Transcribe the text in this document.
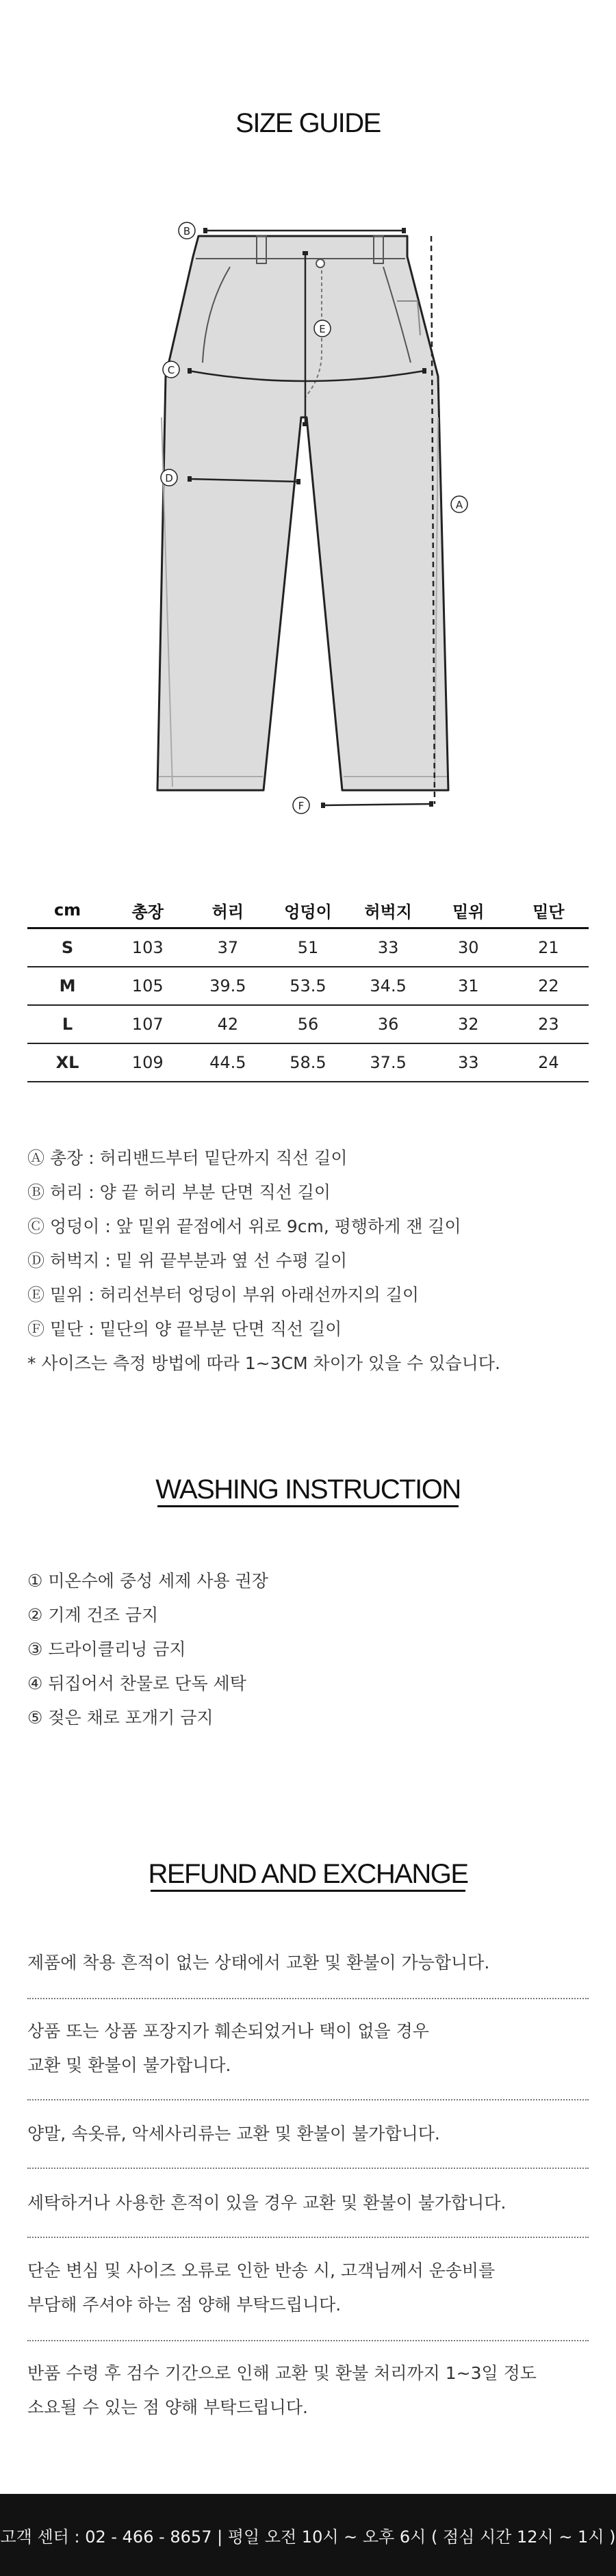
SIZE GUIDE
B
A
C
D
E
F
cm	총장	허리	엉덩이	허벅지	밑위	밑단
S	103	37	51	33	30	21
M	105	39.5	53.5	34.5	31	22
L	107	42	56	36	32	23
XL	109	44.5	58.5	37.5	33	24
Ⓐ 총장 : 허리밴드부터 밑단까지 직선 길이
Ⓑ 허리 : 양 끝 허리 부분 단면 직선 길이
Ⓒ 엉덩이 : 앞 밑위 끝점에서 위로 9cm, 평행하게 잰 길이
Ⓓ 허벅지 : 밑 위 끝부분과 옆 선 수평 길이
Ⓔ 밑위 : 허리선부터 엉덩이 부위 아래선까지의 길이
Ⓕ 밑단 : 밑단의 양 끝부분 단면 직선 길이
* 사이즈는 측정 방법에 따라 1~3CM 차이가 있을 수 있습니다.
WASHING INSTRUCTION
① 미온수에 중성 세제 사용 권장
② 기계 건조 금지
③ 드라이클리닝 금지
④ 뒤집어서 찬물로 단독 세탁
⑤ 젖은 채로 포개기 금지
REFUND AND EXCHANGE

제품에 착용 흔적이 없는 상태에서 교환 및 환불이 가능합니다.

상품 또는 상품 포장지가 훼손되었거나 택이 없을 경우

교환 및 환불이 불가합니다.

양말, 속옷류, 악세사리류는 교환 및 환불이 불가합니다.

세탁하거나 사용한 흔적이 있을 경우 교환 및 환불이 불가합니다.

단순 변심 및 사이즈 오류로 인한 반송 시, 고객님께서 운송비를

부담해 주셔야 하는 점 양해 부탁드립니다.

반품 수령 후 검수 기간으로 인해 교환 및 환불 처리까지 1~3일 정도

소요될 수 있는 점 양해 부탁드립니다.

고객 센터 : 02 - 466 - 8657 | 평일 오전 10시 ~ 오후 6시 ( 점심 시간 12시 ~ 1시 )
